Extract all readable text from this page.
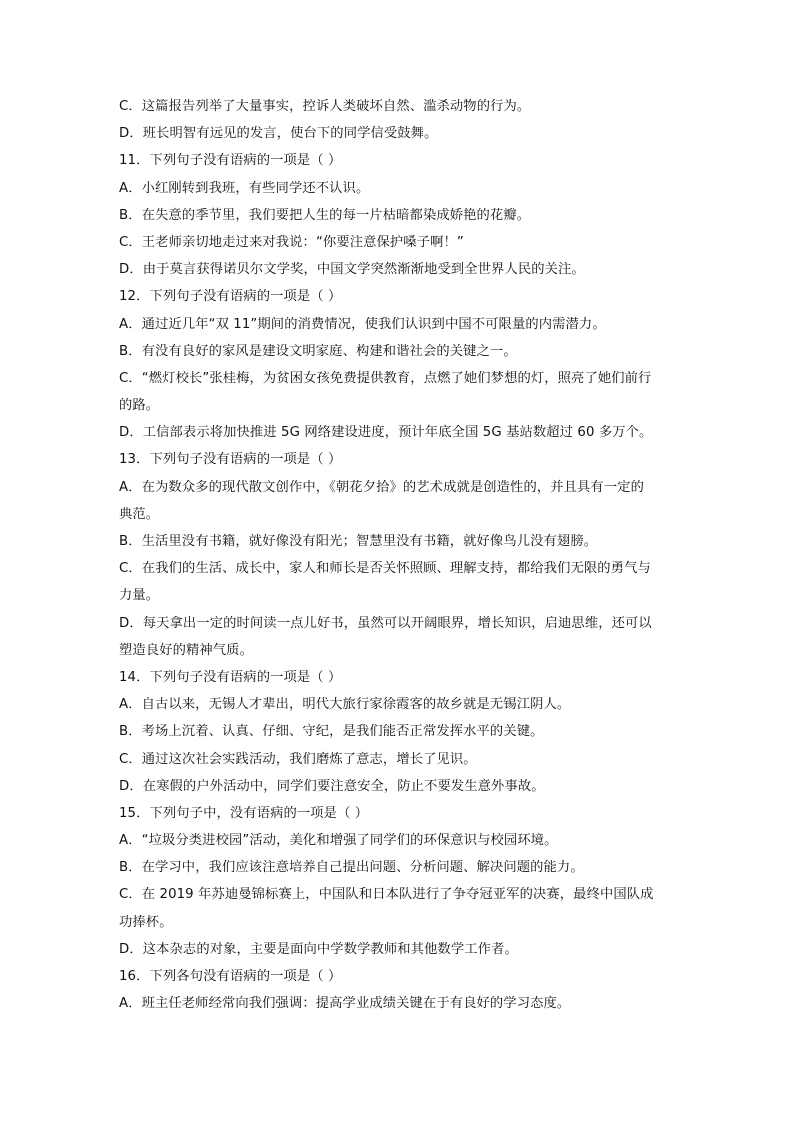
C．这篇报告列举了大量事实，控诉人类破坏自然、滥杀动物的行为。
D．班长明智有远见的发言，使台下的同学信受鼓舞。
11．下列句子没有语病的一项是（ ）
A．小红刚转到我班，有些同学还不认识。
B．在失意的季节里，我们要把人生的每一片枯暗都染成娇艳的花瓣。
C．王老师亲切地走过来对我说：“你要注意保护嗓子啊！”
D．由于莫言获得诺贝尔文学奖，中国文学突然渐渐地受到全世界人民的关注。
12．下列句子没有语病的一项是（ ）
A．通过近几年“双 11”期间的消费情况，使我们认识到中国不可限量的内需潜力。
B．有没有良好的家风是建设文明家庭、构建和谐社会的关键之一。
C．“燃灯校长”张桂梅，为贫困女孩免费提供教育，点燃了她们梦想的灯，照亮了她们前行
的路。
D．工信部表示将加快推进 5G 网络建设进度，预计年底全国 5G 基站数超过 60 多万个。
13．下列句子没有语病的一项是（ ）
A．在为数众多的现代散文创作中，《朝花夕拾》的艺术成就是创造性的，并且具有一定的
典范。
B．生活里没有书籍，就好像没有阳光；智慧里没有书籍，就好像鸟儿没有翅膀。
C．在我们的生活、成长中，家人和师长是否关怀照顾、理解支持，都给我们无限的勇气与
力量。
D．每天拿出一定的时间读一点儿好书，虽然可以开阔眼界，增长知识，启迪思维，还可以
塑造良好的精神气质。
14．下列句子没有语病的一项是（ ）
A．自古以来，无锡人才辈出，明代大旅行家徐霞客的故乡就是无锡江阴人。
B．考场上沉着、认真、仔细、守纪，是我们能否正常发挥水平的关键。
C．通过这次社会实践活动，我们磨炼了意志，增长了见识。
D．在寒假的户外活动中，同学们要注意安全，防止不要发生意外事故。
15．下列句子中，没有语病的一项是（ ）
A．“垃圾分类进校园”活动，美化和增强了同学们的环保意识与校园环境。
B．在学习中，我们应该注意培养自己提出问题、分析问题、解决问题的能力。
C．在 2019 年苏迪曼锦标赛上，中国队和日本队进行了争夺冠亚军的决赛，最终中国队成
功捧杯。
D．这本杂志的对象，主要是面向中学数学教师和其他数学工作者。
16．下列各句没有语病的一项是（ ）
A．班主任老师经常向我们强调：提高学业成绩关键在于有良好的学习态度。
